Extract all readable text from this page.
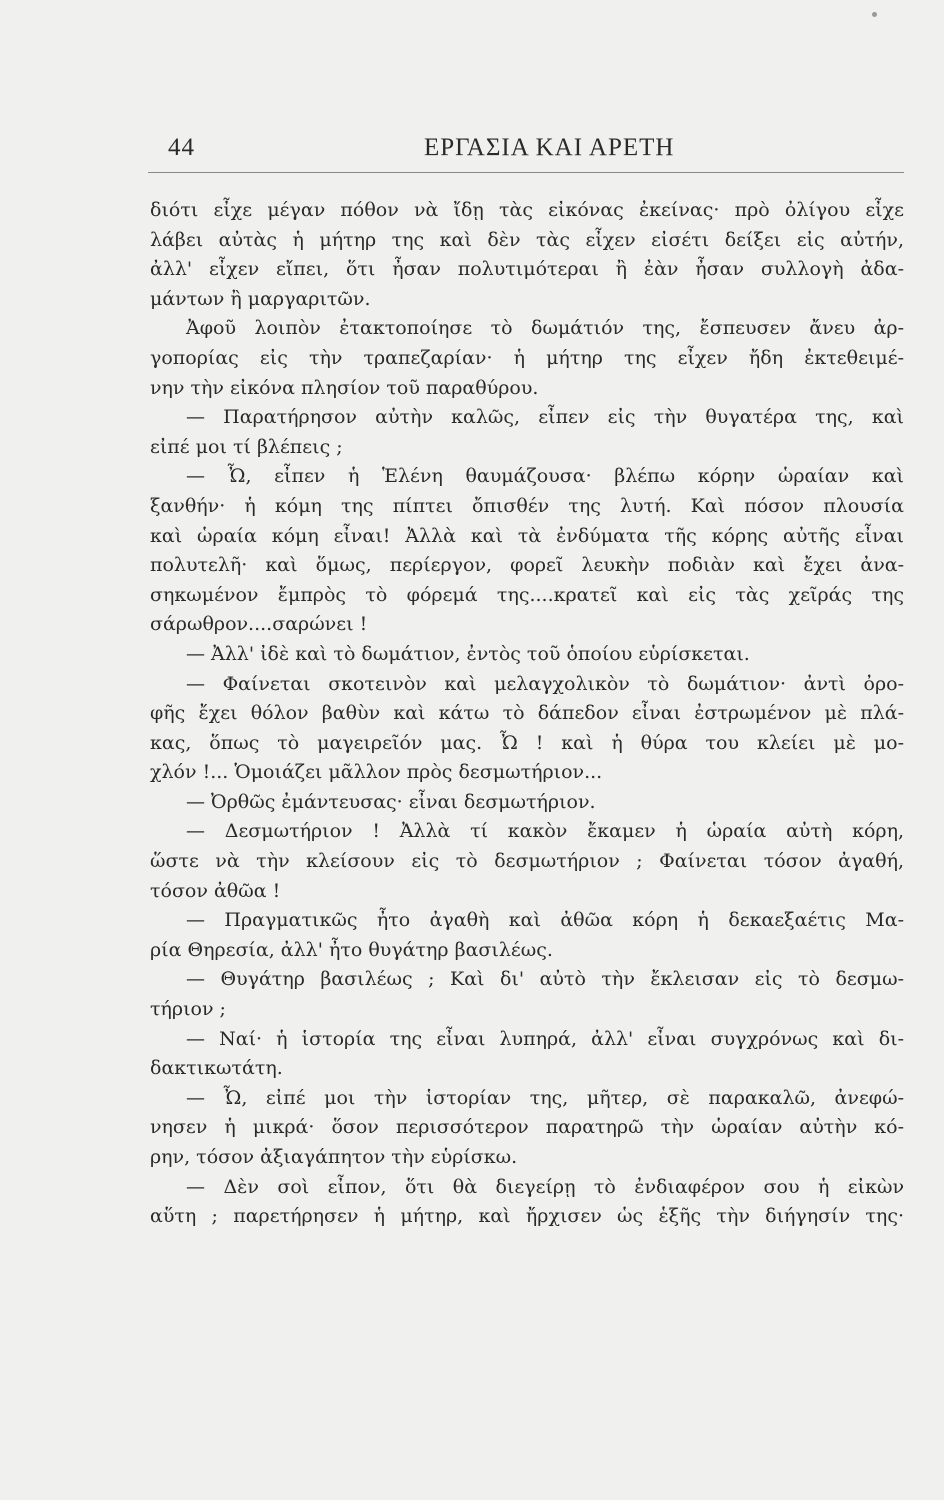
44	ΕΡΓΑΣΙΑ ΚΑΙ ΑΡΕΤΗ
διότι εἶχε μέγαν πόθον νὰ ἴδῃ τὰς εἰκόνας ἐκείνας· πρὸ ὀλίγου εἶχε
λάβει αὐτὰς ἡ μήτηρ της καὶ δὲν τὰς εἶχεν εἰσέτι δείξει εἰς αὐτήν,
ἀλλ' εἶχεν εἴπει, ὅτι ἦσαν πολυτιμότεραι ἢ ἐὰν ἦσαν συλλογὴ ἀδα-
μάντων ἢ μαργαριτῶν.
Ἀφοῦ λοιπὸν ἐτακτοποίησε τὸ δωμάτιόν της, ἔσπευσεν ἄνευ ἀρ-
γοπορίας εἰς τὴν τραπεζαρίαν· ἡ μήτηρ της εἶχεν ἤδη ἐκτεθειμέ-
νην τὴν εἰκόνα πλησίον τοῦ παραθύρου.
— Παρατήρησον αὐτὴν καλῶς, εἶπεν εἰς τὴν θυγατέρα της, καὶ
εἰπέ μοι τί βλέπεις ;
— Ὦ, εἶπεν ἡ Ἑλένη θαυμάζουσα· βλέπω κόρην ὡραίαν καὶ
ξανθήν· ἡ κόμη της πίπτει ὄπισθέν της λυτή. Καὶ πόσον πλουσία
καὶ ὡραία κόμη εἶναι! Ἀλλὰ καὶ τὰ ἐνδύματα τῆς κόρης αὐτῆς εἶναι
πολυτελῆ· καὶ ὅμως, περίεργον, φορεῖ λευκὴν ποδιὰν καὶ ἔχει ἀνα-
σηκωμένον ἔμπρὸς τὸ φόρεμά της....κρατεῖ καὶ εἰς τὰς χεῖράς της
σάρωθρον....σαρώνει !
— Ἀλλ' ἰδὲ καὶ τὸ δωμάτιον, ἐντὸς τοῦ ὁποίου εὑρίσκεται.
— Φαίνεται σκοτεινὸν καὶ μελαγχολικὸν τὸ δωμάτιον· ἀντὶ ὀρο-
φῆς ἔχει θόλον βαθὺν καὶ κάτω τὸ δάπεδον εἶναι ἐστρωμένον μὲ πλά-
κας, ὅπως τὸ μαγειρεῖόν μας. Ὦ ! καὶ ἡ θύρα του κλείει μὲ μο-
χλόν !... Ὁμοιάζει μᾶλλον πρὸς δεσμωτήριον...
— Ὀρθῶς ἐμάντευσας· εἶναι δεσμωτήριον.
— Δεσμωτήριον ! Ἀλλὰ τί κακὸν ἔκαμεν ἡ ὡραία αὐτὴ κόρη,
ὥστε νὰ τὴν κλείσουν εἰς τὸ δεσμωτήριον ; Φαίνεται τόσον ἀγαθή,
τόσον ἀθῶα !
— Πραγματικῶς ἦτο ἀγαθὴ καὶ ἀθῶα κόρη ἡ δεκαεξαέτις Μα-
ρία Θηρεσία, ἀλλ' ἦτο θυγάτηρ βασιλέως.
— Θυγάτηρ βασιλέως ; Καὶ δι' αὐτὸ τὴν ἔκλεισαν εἰς τὸ δεσμω-
τήριον ;
— Ναί· ἡ ἱστορία της εἶναι λυπηρά, ἀλλ' εἶναι συγχρόνως καὶ δι-
δακτικωτάτη.
— Ὦ, εἰπέ μοι τὴν ἱστορίαν της, μῆτερ, σὲ παρακαλῶ, ἀνεφώ-
νησεν ἡ μικρά· ὅσον περισσότερον παρατηρῶ τὴν ὡραίαν αὐτὴν κό-
ρην, τόσον ἀξιαγάπητον τὴν εὑρίσκω.
— Δὲν σοὶ εἶπον, ὅτι θὰ διεγείρῃ τὸ ἐνδιαφέρον σου ἡ εἰκὼν
αὕτη ; παρετήρησεν ἡ μήτηρ, καὶ ἤρχισεν ὡς ἑξῆς τὴν διήγησίν της·
